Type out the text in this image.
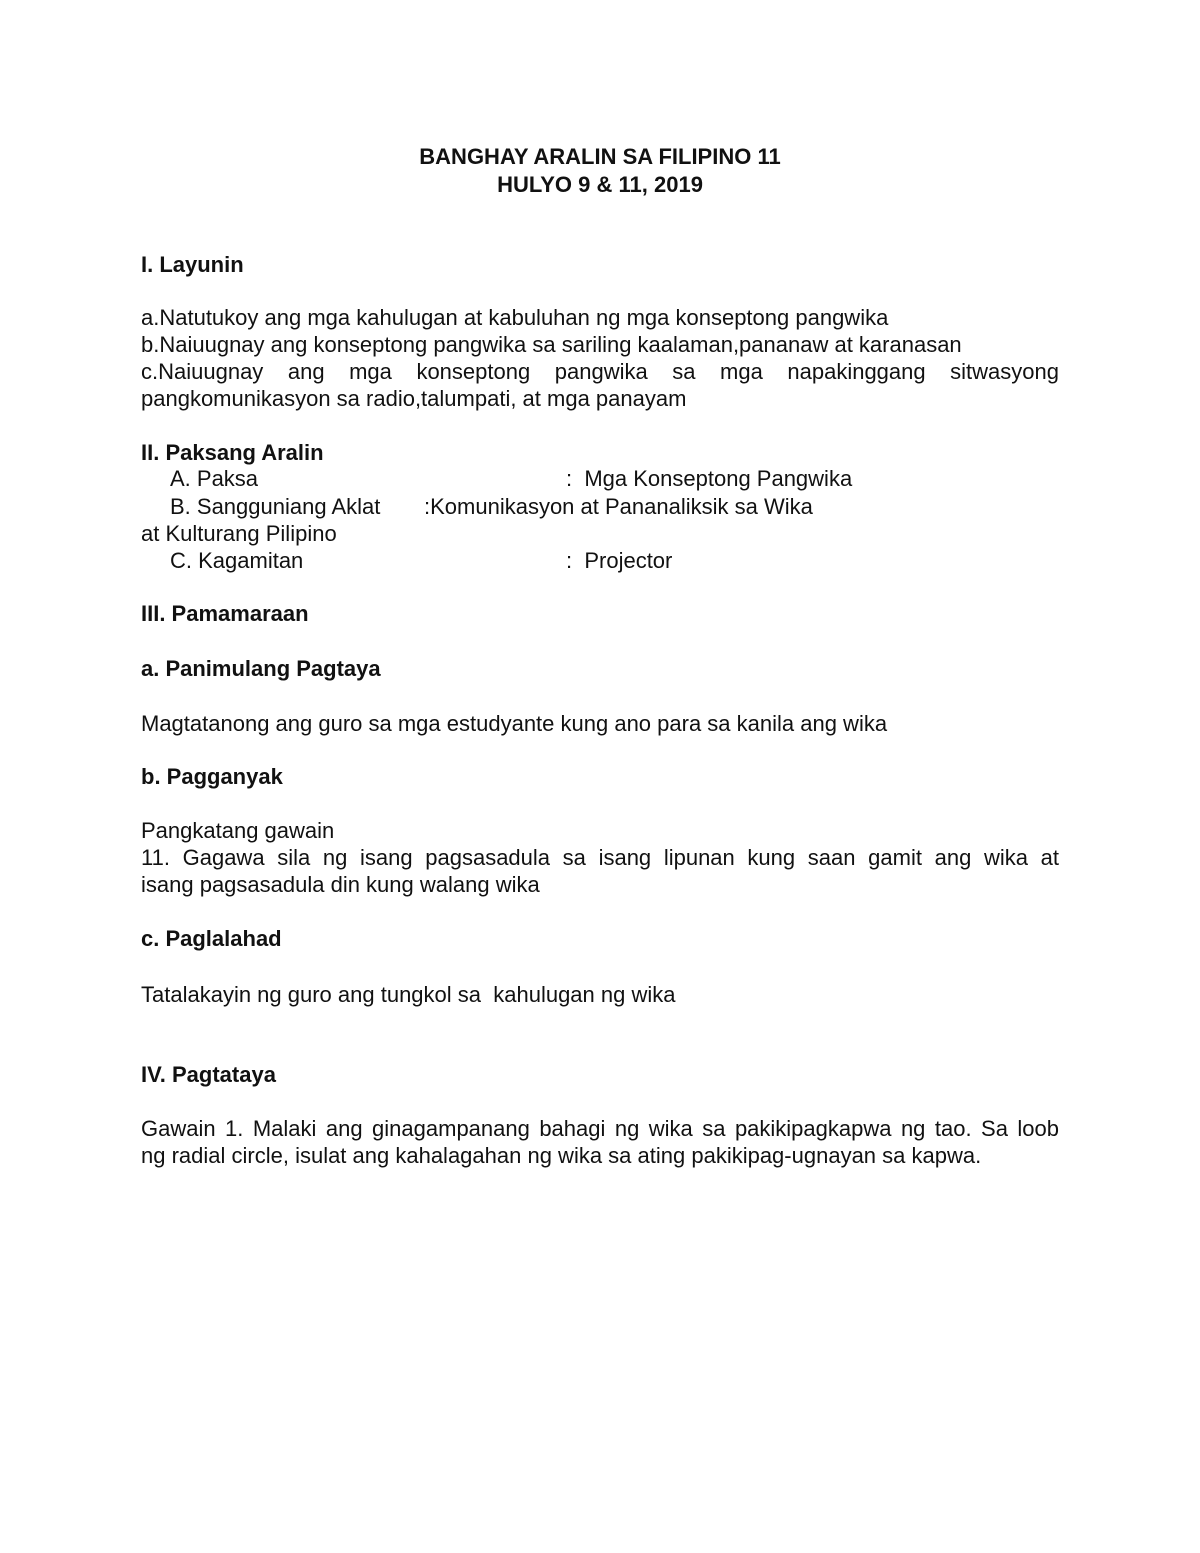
BANGHAY ARALIN SA FILIPINO 11
HULYO 9 & 11, 2019
I. Layunin
a.Natutukoy ang mga kahulugan at kabuluhan ng mga konseptong pangwika
b.Naiuugnay ang konseptong pangwika sa sariling kaalaman,pananaw at karanasan
c.Naiuugnay ang mga konseptong pangwika sa mga napakinggang sitwasyong
pangkomunikasyon sa radio,talumpati, at mga panayam
II. Paksang Aralin
A. Paksa	:  Mga Konseptong Pangwika
B. Sangguniang Aklat :Komunikasyon at Pananaliksik sa Wika
at Kulturang Pilipino
C. Kagamitan	:  Projector
III. Pamamaraan
a. Panimulang Pagtaya
Magtatanong ang guro sa mga estudyante kung ano para sa kanila ang wika
b. Pagganyak
Pangkatang gawain
11. Gagawa sila ng isang pagsasadula sa isang lipunan kung saan gamit ang wika at
isang pagsasadula din kung walang wika
c. Paglalahad
Tatalakayin ng guro ang tungkol sa  kahulugan ng wika
IV. Pagtataya
Gawain 1. Malaki ang ginagampanang bahagi ng wika sa pakikipagkapwa ng tao. Sa loob
ng radial circle, isulat ang kahalagahan ng wika sa ating pakikipag-ugnayan sa kapwa.
